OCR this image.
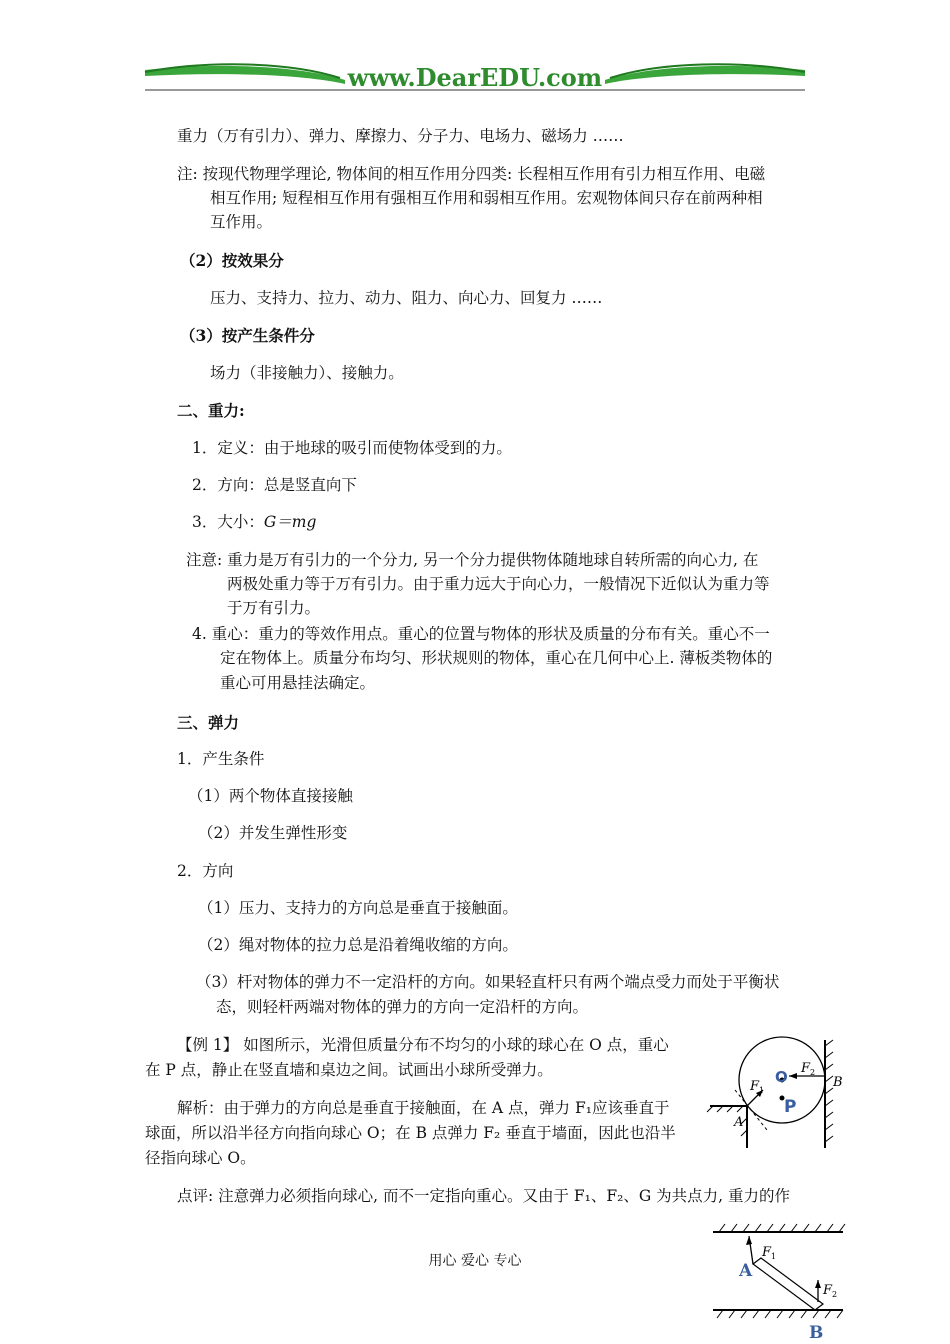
www.DearEDU.com
重力（万有引力）、弹力、摩擦力、分子力、电场力、磁场力 ……
注: 按现代物理学理论, 物体间的相互作用分四类: 长程相互作用有引力相互作用、电磁
相互作用; 短程相互作用有强相互作用和弱相互作用。宏观物体间只存在前两种相
互作用。
（2）按效果分
压力、支持力、拉力、动力、阻力、向心力、回复力 ……
（3）按产生条件分
场力（非接触力）、接触力。
二、重力:
1．定义：由于地球的吸引而使物体受到的力。
2．方向：总是竖直向下
3．大小：G＝mg
注意: 重力是万有引力的一个分力, 另一个分力提供物体随地球自转所需的向心力, 在
两极处重力等于万有引力。由于重力远大于向心力，一般情况下近似认为重力等
于万有引力。
4. 重心：重力的等效作用点。重心的位置与物体的形状及质量的分布有关。重心不一
定在物体上。质量分布均匀、形状规则的物体，重心在几何中心上. 薄板类物体的
重心可用悬挂法确定。
三、弹力
1．产生条件
（1）两个物体直接接触
（2）并发生弹性形变
2．方向
（1）压力、支持力的方向总是垂直于接触面。
（2）绳对物体的拉力总是沿着绳收缩的方向。
（3）杆对物体的弹力不一定沿杆的方向。如果轻直杆只有两个端点受力而处于平衡状
态，则轻杆两端对物体的弹力的方向一定沿杆的方向。
【例 1】 如图所示，光滑但质量分布不均匀的小球的球心在 O 点，重心
在 P 点，静止在竖直墙和桌边之间。试画出小球所受弹力。
解析：由于弹力的方向总是垂直于接触面，在 A 点，弹力 F₁应该垂直于
球面，所以沿半径方向指向球心 O；在 B 点弹力 F₂ 垂直于墙面，因此也沿半
径指向球心 O。
点评: 注意弹力必须指向球心, 而不一定指向重心。又由于 F₁、F₂、G 为共点力, 重力的作
O
P
$F_1$
$F_2$
B
A
$F_1$
$F_2$
A
B
用心 爱心 专心
